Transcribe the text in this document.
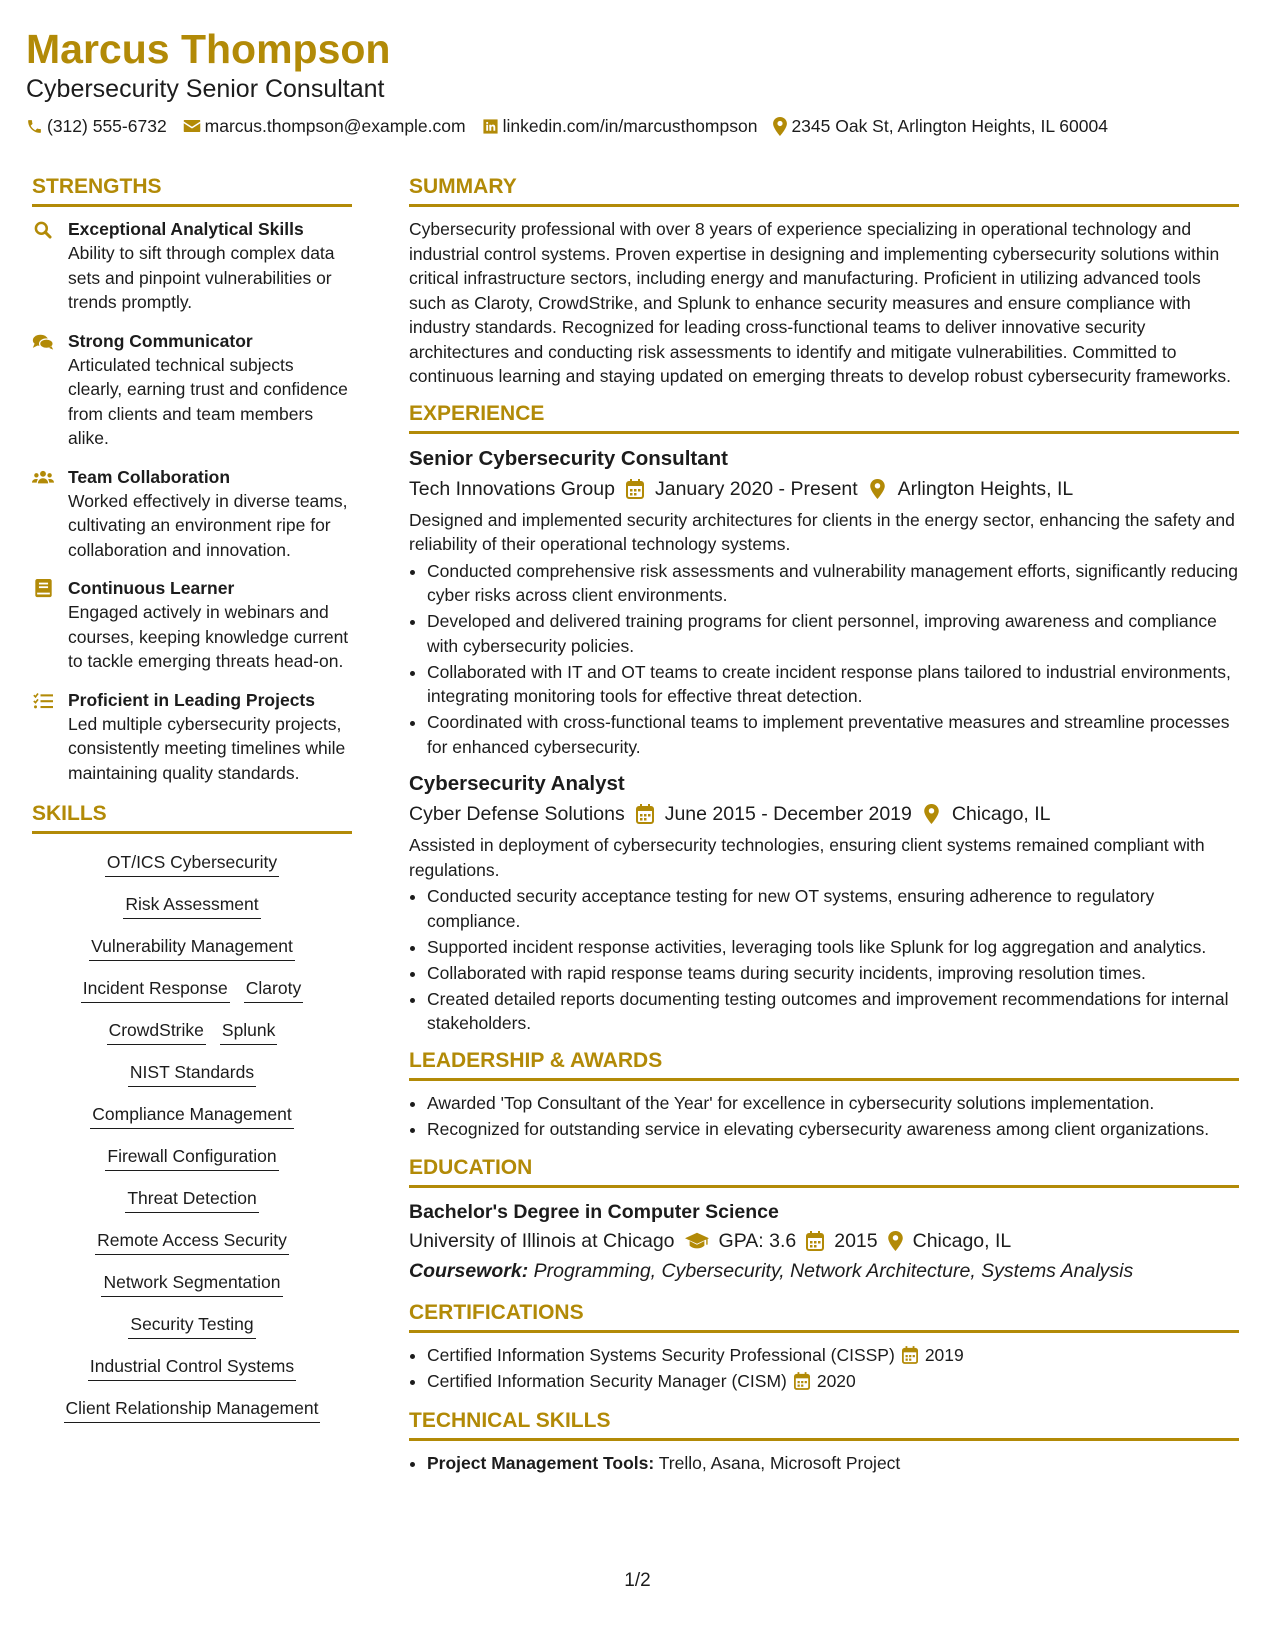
Marcus Thompson
Cybersecurity Senior Consultant
(312) 555-6732 marcus.thompson@example.com linkedin.com/in/marcusthompson 2345 Oak St, Arlington Heights, IL 60004
STRENGTHS
Exceptional Analytical Skills
Ability to sift through complex data sets and pinpoint vulnerabilities or trends promptly.
Strong Communicator
Articulated technical subjects clearly, earning trust and confidence from clients and team members alike.
Team Collaboration
Worked effectively in diverse teams, cultivating an environment ripe for collaboration and innovation.
Continuous Learner
Engaged actively in webinars and courses, keeping knowledge current to tackle emerging threats head-on.
Proficient in Leading Projects
Led multiple cybersecurity projects, consistently meeting timelines while maintaining quality standards.
SKILLS
OT/ICS Cybersecurity
Risk Assessment
Vulnerability Management
Incident Response Claroty
CrowdStrike Splunk
NIST Standards
Compliance Management
Firewall Configuration
Threat Detection
Remote Access Security
Network Segmentation
Security Testing
Industrial Control Systems
Client Relationship Management
SUMMARY
Cybersecurity professional with over 8 years of experience specializing in operational technology and industrial control systems. Proven expertise in designing and implementing cybersecurity solutions within critical infrastructure sectors, including energy and manufacturing. Proficient in utilizing advanced tools such as Claroty, CrowdStrike, and Splunk to enhance security measures and ensure compliance with industry standards. Recognized for leading cross-functional teams to deliver innovative security architectures and conducting risk assessments to identify and mitigate vulnerabilities. Committed to continuous learning and staying updated on emerging threats to develop robust cybersecurity frameworks.
EXPERIENCE
Senior Cybersecurity Consultant
Tech Innovations Group January 2020 - Present Arlington Heights, IL
Designed and implemented security architectures for clients in the energy sector, enhancing the safety and reliability of their operational technology systems.
• Conducted comprehensive risk assessments and vulnerability management efforts, significantly reducing cyber risks across client environments.
• Developed and delivered training programs for client personnel, improving awareness and compliance with cybersecurity policies.
• Collaborated with IT and OT teams to create incident response plans tailored to industrial environments, integrating monitoring tools for effective threat detection.
• Coordinated with cross-functional teams to implement preventative measures and streamline processes for enhanced cybersecurity.
Cybersecurity Analyst
Cyber Defense Solutions June 2015 - December 2019 Chicago, IL
Assisted in deployment of cybersecurity technologies, ensuring client systems remained compliant with regulations.
• Conducted security acceptance testing for new OT systems, ensuring adherence to regulatory compliance.
• Supported incident response activities, leveraging tools like Splunk for log aggregation and analytics.
• Collaborated with rapid response teams during security incidents, improving resolution times.
• Created detailed reports documenting testing outcomes and improvement recommendations for internal stakeholders.
LEADERSHIP & AWARDS
• Awarded 'Top Consultant of the Year' for excellence in cybersecurity solutions implementation.
• Recognized for outstanding service in elevating cybersecurity awareness among client organizations.
EDUCATION
Bachelor's Degree in Computer Science
University of Illinois at Chicago GPA: 3.6 2015 Chicago, IL
Coursework: Programming, Cybersecurity, Network Architecture, Systems Analysis
CERTIFICATIONS
• Certified Information Systems Security Professional (CISSP) 2019
• Certified Information Security Manager (CISM) 2020
TECHNICAL SKILLS
• Project Management Tools: Trello, Asana, Microsoft Project
1/2
